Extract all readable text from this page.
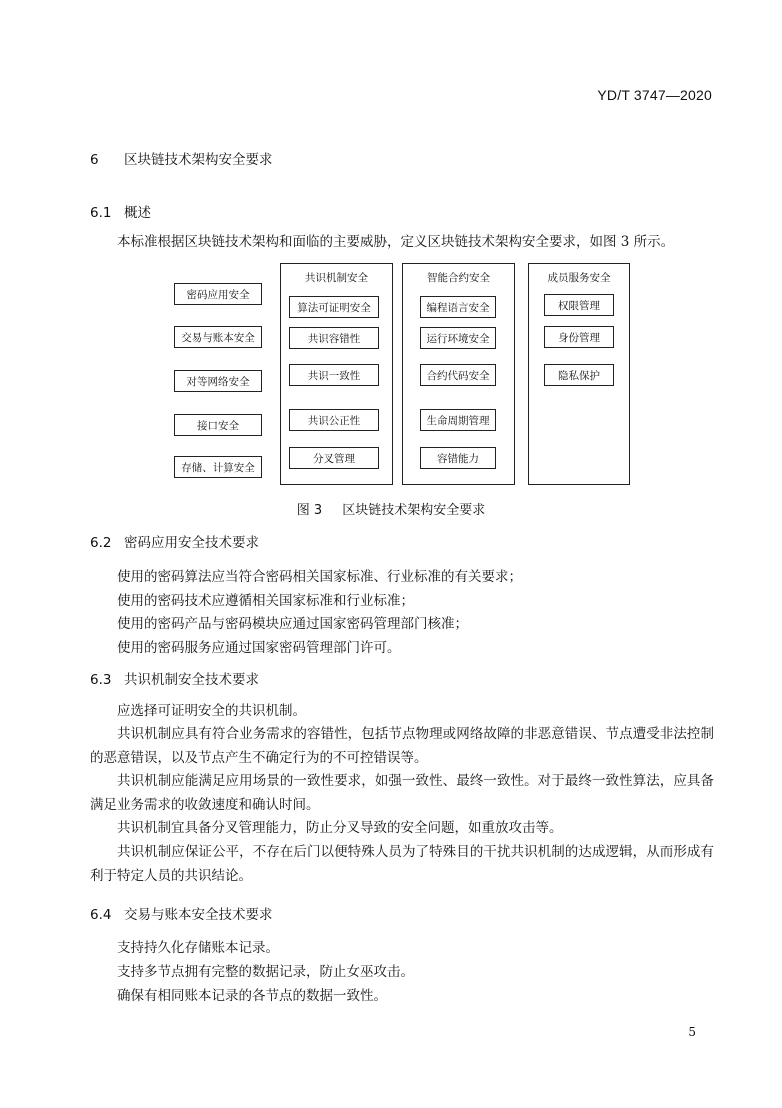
YD/T 3747—2020
6 区块链技术架构安全要求
6.1 概述

本标准根据区块链技术架构和面临的主要威胁，定义区块链技术架构安全要求，如图 3 所示。

密码应用安全
交易与账本安全
对等网络安全
接口安全
存储、计算安全
共识机制安全
算法可证明安全
共识容错性
共识一致性
共识公正性
分叉管理
智能合约安全
编程语言安全
运行环境安全
合约代码安全
生命周期管理
容错能力
成员服务安全
权限管理
身份管理
隐私保护
图 3 区块链技术架构安全要求
6.2 密码应用安全技术要求
使用的密码算法应当符合密码相关国家标准、行业标准的有关要求；
使用的密码技术应遵循相关国家标准和行业标准；
使用的密码产品与密码模块应通过国家密码管理部门核准；
使用的密码服务应通过国家密码管理部门许可。
6.3 共识机制安全技术要求

应选择可证明安全的共识机制。

共识机制应具有符合业务需求的容错性，包括节点物理或网络故障的非恶意错误、节点遭受非法控制的恶意错误，以及节点产生不确定行为的不可控错误等。

共识机制应能满足应用场景的一致性要求，如强一致性、最终一致性。对于最终一致性算法，应具备满足业务需求的收敛速度和确认时间。

共识机制宜具备分叉管理能力，防止分叉导致的安全问题，如重放攻击等。

共识机制应保证公平，不存在后门以便特殊人员为了特殊目的干扰共识机制的达成逻辑，从而形成有利于特定人员的共识结论。

6.4 交易与账本安全技术要求
支持持久化存储账本记录。
支持多节点拥有完整的数据记录，防止女巫攻击。
确保有相同账本记录的各节点的数据一致性。
5
